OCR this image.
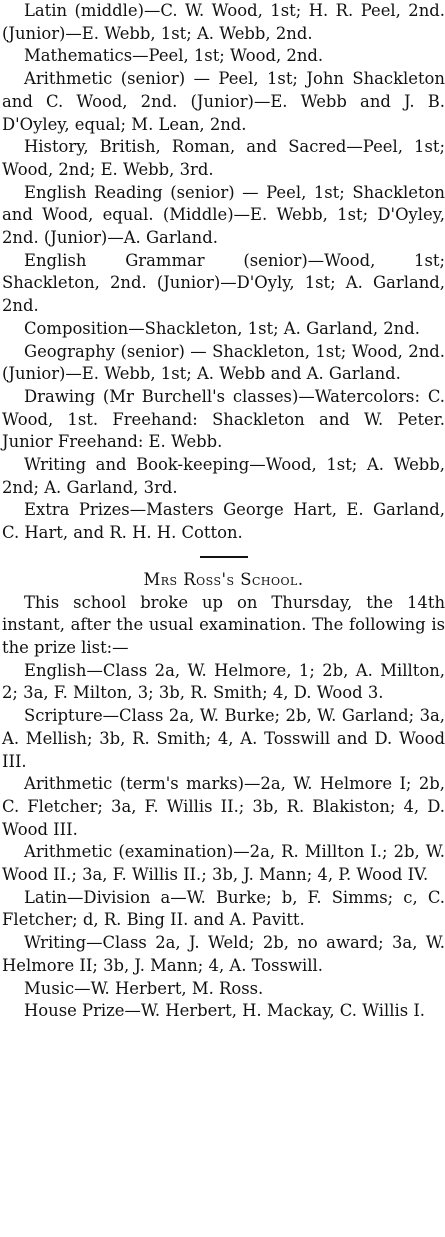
Latin (middle)—C. W. Wood, 1st; H. R. Peel, 2nd. (Junior)—E. Webb, 1st; A. Webb, 2nd.

Mathematics—Peel, 1st; Wood, 2nd.

Arithmetic (senior) — Peel, 1st; John Shackleton and C. Wood, 2nd. (Junior)—E. Webb and J. B. D'Oyley, equal; M. Lean, 2nd.

History, British, Roman, and Sacred—Peel, 1st; Wood, 2nd; E. Webb, 3rd.

English Reading (senior) — Peel, 1st; Shackleton and Wood, equal. (Middle)—E. Webb, 1st; D'Oyley, 2nd. (Junior)—A. Garland.

English Grammar (senior)—Wood, 1st; Shackleton, 2nd. (Junior)—D'Oyly, 1st; A. Garland, 2nd.

Composition—Shackleton, 1st; A. Garland, 2nd.

Geography (senior) — Shackleton, 1st; Wood, 2nd. (Junior)—E. Webb, 1st; A. Webb and A. Garland.

Drawing (Mr Burchell's classes)—Watercolors: C. Wood, 1st. Freehand: Shackleton and W. Peter. Junior Freehand: E. Webb.

Writing and Book-keeping—Wood, 1st; A. Webb, 2nd; A. Garland, 3rd.

Extra Prizes—Masters George Hart, E. Garland, C. Hart, and R. H. H. Cotton.

Mrs Ross's School.

This school broke up on Thursday, the 14th instant, after the usual examination. The following is the prize list:—

English—Class 2a, W. Helmore, 1; 2b, A. Millton, 2; 3a, F. Milton, 3; 3b, R. Smith; 4, D. Wood 3.

Scripture—Class 2a, W. Burke; 2b, W. Garland; 3a, A. Mellish; 3b, R. Smith; 4, A. Tosswill and D. Wood III.

Arithmetic (term's marks)—2a, W. Helmore I; 2b, C. Fletcher; 3a, F. Willis II.; 3b, R. Blakiston; 4, D. Wood III.

Arithmetic (examination)—2a, R. Millton I.; 2b, W. Wood II.; 3a, F. Willis II.; 3b, J. Mann; 4, P. Wood IV.

Latin—Division a—W. Burke; b, F. Simms; c, C. Fletcher; d, R. Bing II. and A. Pavitt.

Writing—Class 2a, J. Weld; 2b, no award; 3a, W. Helmore II; 3b, J. Mann; 4, A. Tosswill.

Music—W. Herbert, M. Ross.

House Prize—W. Herbert, H. Mackay, C. Willis I.
